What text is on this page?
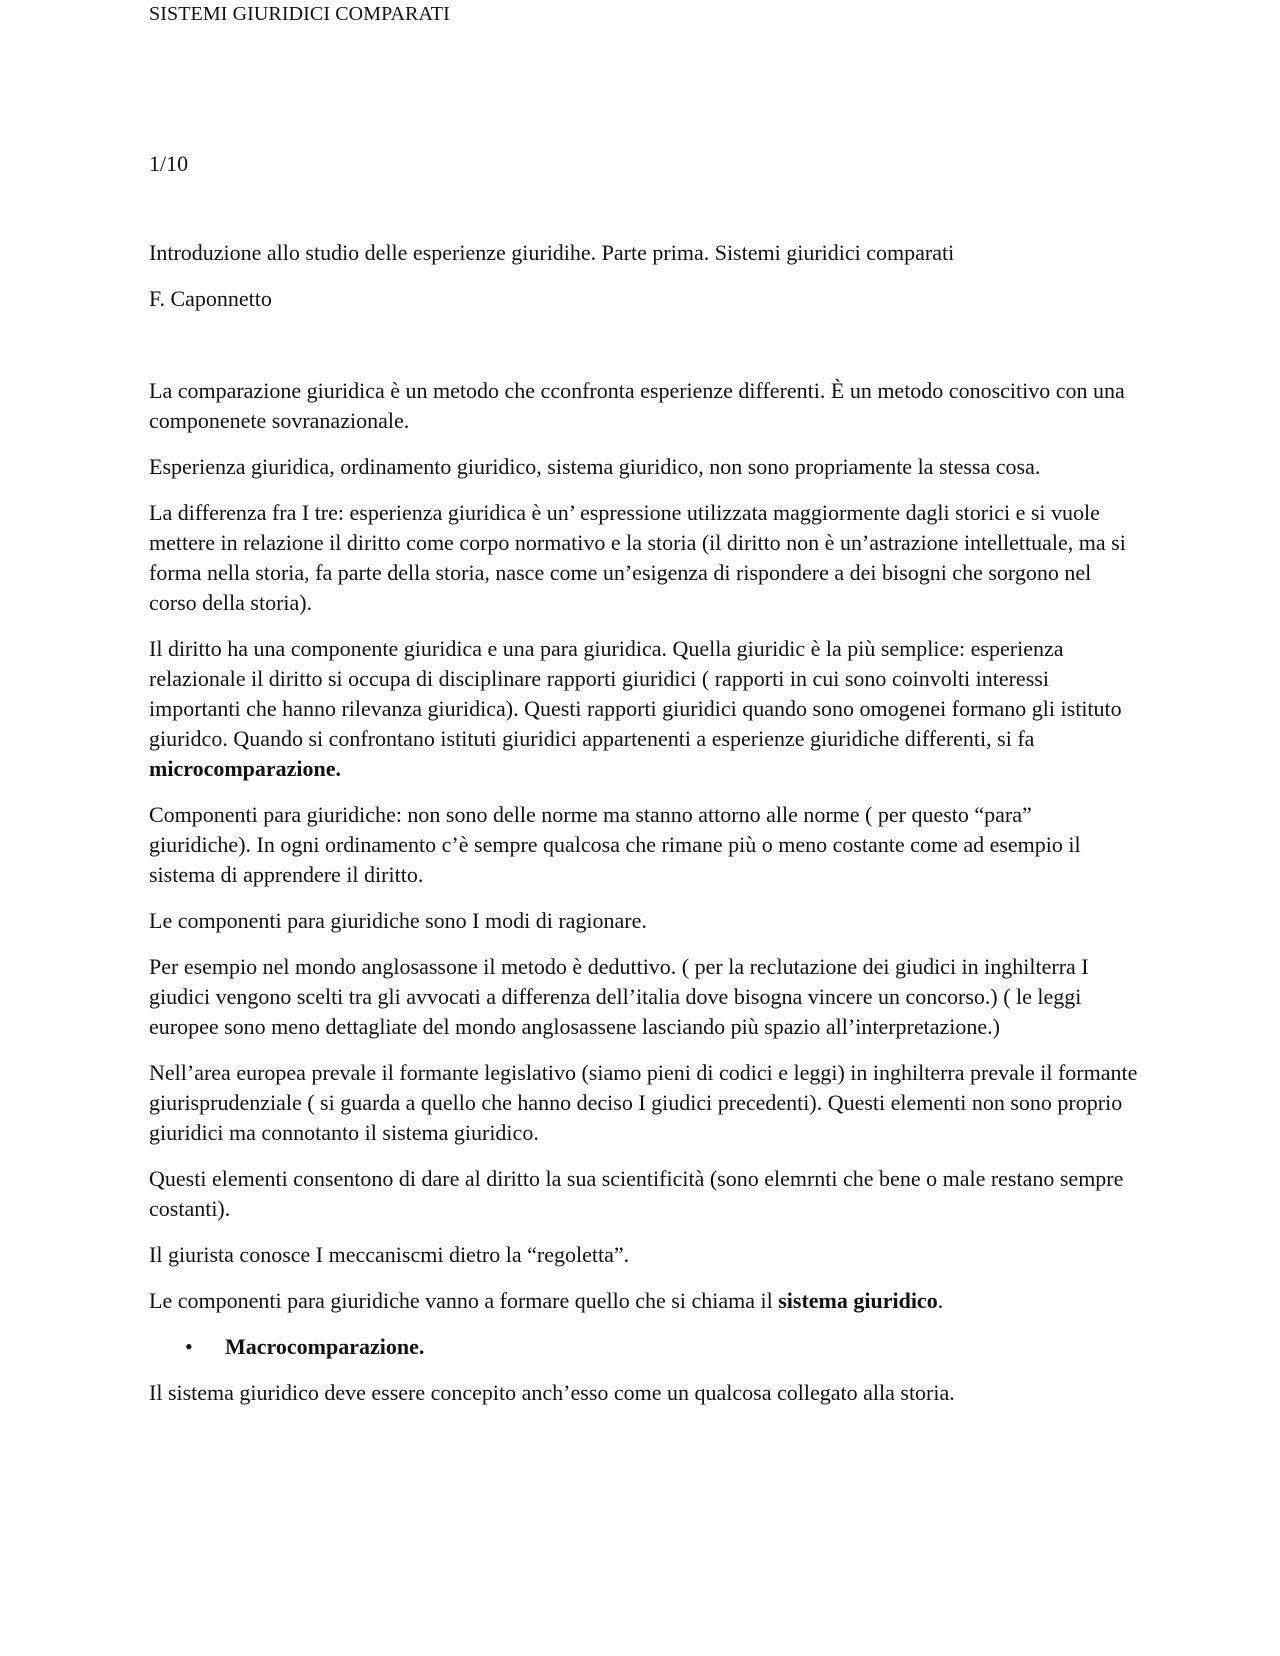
SISTEMI GIURIDICI COMPARATI
1/10

Introduzione allo studio delle esperienze giuridihe. Parte prima. Sistemi giuridici comparati

F. Caponnetto

La comparazione giuridica è un metodo che cconfronta esperienze differenti. È un metodo conoscitivo con una componenete sovranazionale.

Esperienza giuridica, ordinamento giuridico, sistema giuridico, non sono propriamente la stessa cosa.

La differenza fra I tre: esperienza giuridica è un’ espressione utilizzata maggiormente dagli storici e si vuole mettere in relazione il diritto come corpo normativo e la storia (il diritto non è un’astrazione intellettuale, ma si forma nella storia, fa parte della storia, nasce come un’esigenza di rispondere a dei bisogni che sorgono nel corso della storia).

Il diritto ha una componente giuridica e una para giuridica. Quella giuridic è la più semplice: esperienza relazionale il diritto si occupa di disciplinare rapporti giuridici ( rapporti in cui sono coinvolti interessi importanti che hanno rilevanza giuridica). Questi rapporti giuridici quando sono omogenei formano gli istituto giuridco. Quando si confrontano istituti giuridici appartenenti a esperienze giuridiche differenti, si fa microcomparazione.

Componenti para giuridiche: non sono delle norme ma stanno attorno alle norme ( per questo “para” giuridiche). In ogni ordinamento c’è sempre qualcosa che rimane più o meno costante come ad esempio il sistema di apprendere il diritto.

Le componenti para giuridiche sono I modi di ragionare.

Per esempio nel mondo anglosassone il metodo è deduttivo. ( per la reclutazione dei giudici in inghilterra I giudici vengono scelti tra gli avvocati a differenza dell’italia dove bisogna vincere un concorso.) ( le leggi europee sono meno dettagliate del mondo anglosassene lasciando più spazio all’interpretazione.)

Nell’area europea prevale il formante legislativo (siamo pieni di codici e leggi) in inghilterra prevale il formante giurisprudenziale ( si guarda a quello che hanno deciso I giudici precedenti). Questi elementi non sono proprio giuridici ma connotanto il sistema giuridico.

Questi elementi consentono di dare al diritto la sua scientificità (sono elemrnti che bene o male restano sempre costanti).

Il giurista conosce I meccaniscmi dietro la “regoletta”.

Le componenti para giuridiche vanno a formare quello che si chiama il sistema giuridico.

•	Macrocomparazione.

Il sistema giuridico deve essere concepito anch’esso come un qualcosa collegato alla storia.
